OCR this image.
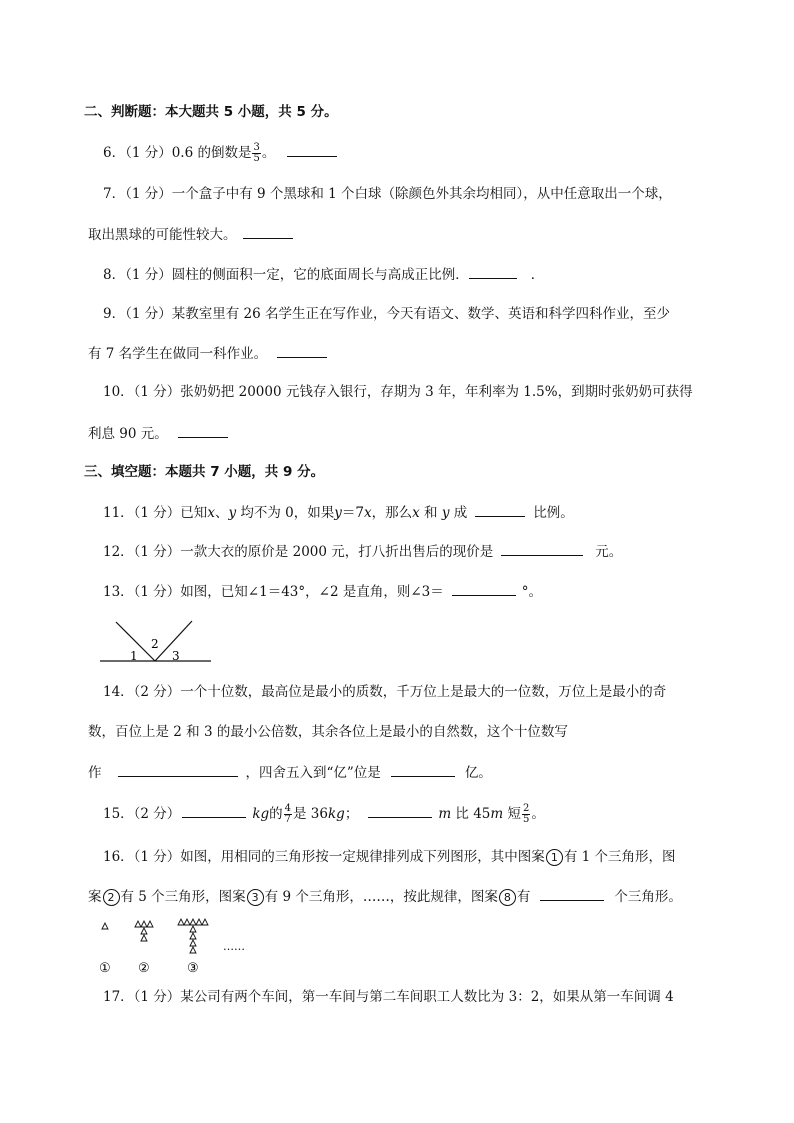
二、判断题：本大题共 5 小题，共 5 分。
6．（1 分）0.6 的倒数是 $\frac{3}{5}$ 。
7．（1 分）一个盒子中有 9 个黑球和 1 个白球（除颜色外其余均相同），从中任意取出一个球，
取出黑球的可能性较大。
8．（1 分）圆柱的侧面积一定，它的底面周长与高成正比例．	．
9．（1 分）某教室里有 26 名学生正在写作业，今天有语文、数学、英语和科学四科作业，至少
有 7 名学生在做同一科作业。
10．（1 分）张奶奶把 20000 元钱存入银行，存期为 3 年，年利率为 1.5%，到期时张奶奶可获得
利息 90 元。
三、填空题：本题共 7 小题，共 9 分。
11．（1 分）已知x、y 均不为 0，如果y＝7x，那么x 和 y 成	比例。
12．（1 分）一款大衣的原价是 2000 元，打八折出售后的现价是	元。
13．（1 分）如图，已知∠1＝43°，∠2 是直角，则∠3＝	°。
1
2
3
14．（2 分）一个十位数，最高位是最小的质数，千万位上是最大的一位数，万位上是最小的奇
数，百位上是 2 和 3 的最小公倍数，其余各位上是最小的自然数，这个十位数写
作	，四舍五入到“亿”位是	亿。
15．（2 分）	kg的 $\frac{4}{7}$ 是 36kg；	m 比 45m 短 $\frac{2}{5}$ 。
16．（1 分）如图，用相同的三角形按一定规律排列成下列图形，其中图案 1 有 1 个三角形，图
案 2 有 5 个三角形，图案 3 有 9 个三角形，……，按此规律，图案 8 有	个三角形。
……
① ②	③
17．（1 分）某公司有两个车间，第一车间与第二车间职工人数比为 3：2，如果从第一车间调 4
